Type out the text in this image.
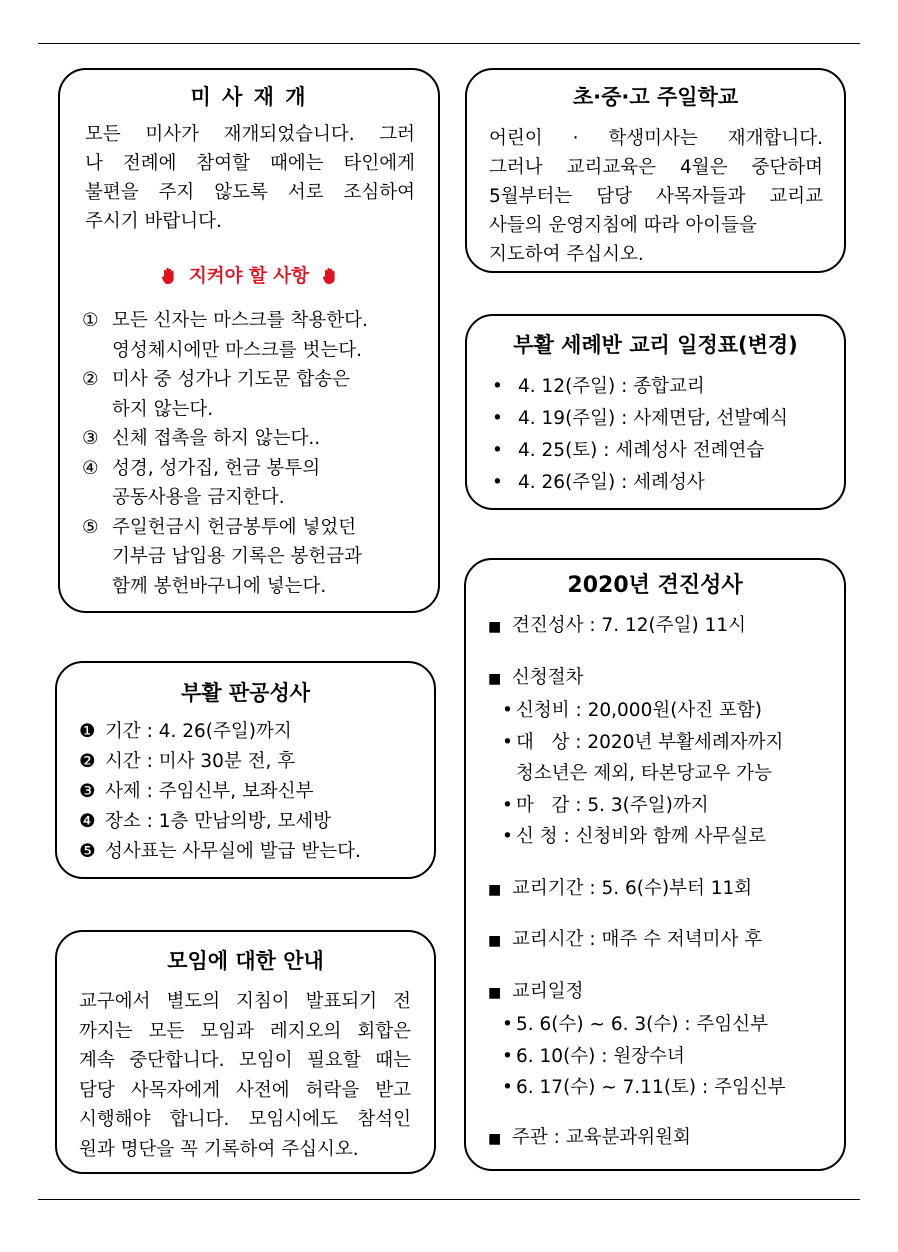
미 사 재 개
모든 미사가 재개되었습니다. 그러
나 전례에 참여할 때에는 타인에게
불편을 주지 않도록 서로 조심하여
주시기 바랍니다.
지켜야 할 사항
① 모든 신자는 마스크를 착용한다.
영성체시에만 마스크를 벗는다.
② 미사 중 성가나 기도문 합송은
하지 않는다.
③ 신체 접촉을 하지 않는다..
④ 성경, 성가집, 헌금 봉투의
공동사용을 금지한다.
⑤ 주일헌금시 헌금봉투에 넣었던
기부금 납입용 기록은 봉헌금과
함께 봉헌바구니에 넣는다.
초·중·고 주일학교
어린이 · 학생미사는 재개합니다.
그러나 교리교육은 4월은 중단하며
5월부터는 담당 사목자들과 교리교
사들의 운영지침에 따라 아이들을
지도하여 주십시오.
부활 세례반 교리 일정표(변경)
• 4. 12(주일) : 종합교리
• 4. 19(주일) : 사제면담, 선발예식
• 4. 25(토) : 세례성사 전례연습
• 4. 26(주일) : 세례성사
부활 판공성사
❶ 기간 : 4. 26(주일)까지
❷ 시간 : 미사 30분 전, 후
❸ 사제 : 주임신부, 보좌신부
❹ 장소 : 1층 만남의방, 모세방
❺ 성사표는 사무실에 발급 받는다.
모임에 대한 안내
교구에서 별도의 지침이 발표되기 전
까지는 모든 모임과 레지오의 회합은
계속 중단합니다. 모임이 필요할 때는
담당 사목자에게 사전에 허락을 받고
시행해야 합니다. 모임시에도 참석인
원과 명단을 꼭 기록하여 주십시오.
2020년 견진성사
■ 견진성사 : 7. 12(주일) 11시
■ 신청절차
• 신청비 : 20,000원(사진 포함)
• 대   상 : 2020년 부활세례자까지
청소년은 제외, 타본당교우 가능
• 마   감 : 5. 3(주일)까지
• 신 청 : 신청비와 함께 사무실로
■ 교리기간 : 5. 6(수)부터 11회
■ 교리시간 : 매주 수 저녁미사 후
■ 교리일정
• 5. 6(수) ~ 6. 3(수) : 주임신부
• 6. 10(수) : 원장수녀
• 6. 17(수) ~ 7.11(토) : 주임신부
■ 주관 : 교육분과위원회
